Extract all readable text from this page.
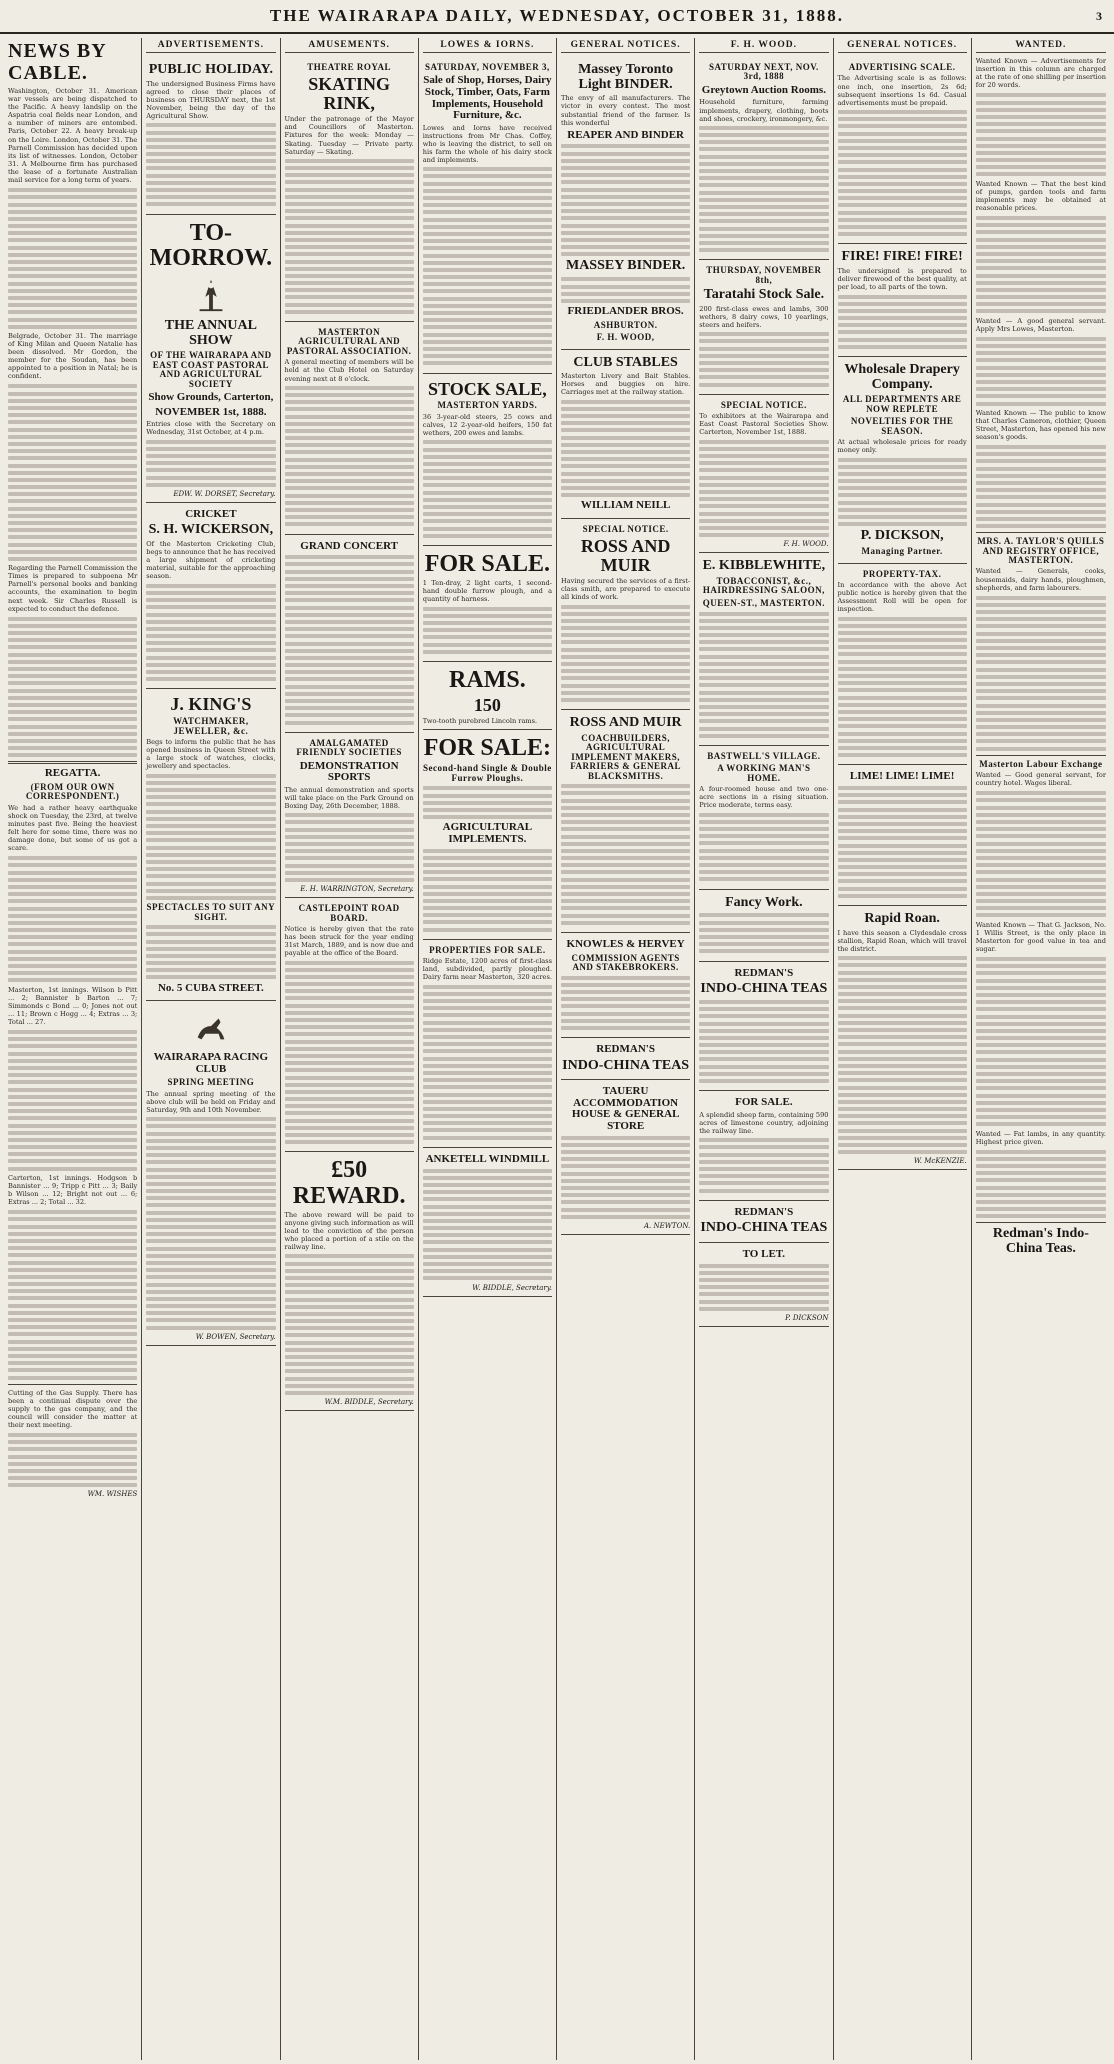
THE WAIRARAPA DAILY, WEDNESDAY, OCTOBER 31, 1888.	3
NEWS BY CABLE.
Washington, October 31. American war vessels are being dispatched to the Pacific. A heavy landslip on the Aspatria coal fields near London, and a number of miners are entombed. Paris, October 22. A heavy break-up on the Loire. London, October 31. The Parnell Commission has decided upon its list of witnesses. London, October 31. A Melbourne firm has purchased the lease of a fortunate Australian mail service for a long term of years.
Belgrade, October 31. The marriage of King Milan and Queen Natalie has been dissolved. Mr Gordon, the member for the Soudan, has been appointed to a position in Natal; he is confident.
Regarding the Parnell Commission the Times is prepared to subpoena Mr Parnell's personal books and banking accounts, the examination to begin next week. Sir Charles Russell is expected to conduct the defence.
REGATTA.
(FROM OUR OWN CORRESPONDENT.)
We had a rather heavy earthquake shock on Tuesday, the 23rd, at twelve minutes past five. Being the heaviest felt here for some time, there was no damage done, but some of us got a scare.
Masterton, 1st innings. Wilson b Pitt ... 2; Bannister b Barton ... 7; Simmonds c Bond ... 0; Jones not out ... 11; Brown c Hogg ... 4; Extras ... 3; Total ... 27.
Carterton, 1st innings. Hodgson b Bannister ... 9; Tripp c Pitt ... 3; Baily b Wilson ... 12; Bright not out ... 6; Extras ... 2; Total ... 32.
Cutting of the Gas Supply. There has been a continual dispute over the supply to the gas company, and the council will consider the matter at their next meeting.
WM. WISHES
ADVERTISEMENTS.
PUBLIC HOLIDAY.
The undersigned Business Firms have agreed to close their places of business on THURSDAY next, the 1st November, being the day of the Agricultural Show.
TO-MORROW.
THE ANNUAL SHOW
OF THE WAIRARAPA AND EAST COAST PASTORAL AND AGRICULTURAL SOCIETY
Show Grounds, Carterton,
NOVEMBER 1st, 1888.
Entries close with the Secretary on Wednesday, 31st October, at 4 p.m.
EDW. W. DORSET, Secretary.
CRICKET
S. H. WICKERSON,
Of the Masterton Cricketing Club, begs to announce that he has received a large shipment of cricketing material, suitable for the approaching season.
J. KING'S
WATCHMAKER, JEWELLER, &c.
Begs to inform the public that he has opened business in Queen Street with a large stock of watches, clocks, jewellery and spectacles.
SPECTACLES TO SUIT ANY SIGHT.
No. 5 CUBA STREET.
WAIRARAPA RACING CLUB
SPRING MEETING
The annual spring meeting of the above club will be held on Friday and Saturday, 9th and 10th November.
W. BOWEN, Secretary.
AMUSEMENTS.
THEATRE ROYAL
SKATING RINK,
Under the patronage of the Mayor and Councillors of Masterton. Fixtures for the week: Monday — Skating. Tuesday — Private party. Saturday — Skating.
MASTERTON AGRICULTURAL AND PASTORAL ASSOCIATION.
A general meeting of members will be held at the Club Hotel on Saturday evening next at 8 o'clock.
GRAND CONCERT
AMALGAMATED FRIENDLY SOCIETIES
DEMONSTRATION SPORTS
The annual demonstration and sports will take place on the Park Ground on Boxing Day, 26th December, 1888.
E. H. WARRINGTON, Secretary.
CASTLEPOINT ROAD BOARD.
Notice is hereby given that the rate has been struck for the year ending 31st March, 1889, and is now due and payable at the office of the Board.
£50 REWARD.
The above reward will be paid to anyone giving such information as will lead to the conviction of the person who placed a portion of a stile on the railway line.
W.M. BIDDLE, Secretary.
LOWES & IORNS.
SATURDAY, NOVEMBER 3,
Sale of Shop, Horses, Dairy Stock, Timber, Oats, Farm Implements, Household Furniture, &c.
Lowes and Iorns have received instructions from Mr Chas. Coffey, who is leaving the district, to sell on his farm the whole of his dairy stock and implements.
STOCK SALE,
MASTERTON YARDS.
36 3-year-old steers, 25 cows and calves, 12 2-year-old heifers, 150 fat wethers, 200 ewes and lambs.
FOR SALE.
1 Ten-dray, 2 light carts, 1 second-hand double furrow plough, and a quantity of harness.
RAMS.
150
Two-tooth purebred Lincoln rams.
FOR SALE:
Second-hand Single & Double Furrow Ploughs.
AGRICULTURAL IMPLEMENTS.
PROPERTIES FOR SALE.
Ridge Estate, 1200 acres of first-class land, subdivided, partly ploughed. Dairy farm near Masterton, 320 acres.
ANKETELL WINDMILL
W. BIDDLE, Secretary.
GENERAL NOTICES.
Massey Toronto Light BINDER.
The envy of all manufacturers. The victor in every contest. The most substantial friend of the farmer. Is this wonderful
REAPER AND BINDER
MASSEY BINDER.
FRIEDLANDER BROS.
ASHBURTON.
F. H. WOOD,
CLUB STABLES
Masterton Livery and Bait Stables. Horses and buggies on hire. Carriages met at the railway station.
WILLIAM NEILL
SPECIAL NOTICE.
ROSS AND MUIR
Having secured the services of a first-class smith, are prepared to execute all kinds of work.
ROSS AND MUIR
COACHBUILDERS, AGRICULTURAL IMPLEMENT MAKERS, FARRIERS & GENERAL BLACKSMITHS.
KNOWLES & HERVEY
COMMISSION AGENTS AND STAKEBROKERS.
REDMAN'S
INDO-CHINA TEAS
TAUERU ACCOMMODATION HOUSE & GENERAL STORE
A. NEWTON.
F. H. WOOD.
SATURDAY NEXT, NOV. 3rd, 1888
Greytown Auction Rooms.
Household furniture, farming implements, drapery, clothing, boots and shoes, crockery, ironmongery, &c.
THURSDAY, NOVEMBER 8th,
Taratahi Stock Sale.
200 first-class ewes and lambs, 300 wethers, 8 dairy cows, 10 yearlings, steers and heifers.
SPECIAL NOTICE.
To exhibitors at the Wairarapa and East Coast Pastoral Societies Show. Carterton, November 1st, 1888.
F. H. WOOD.
E. KIBBLEWHITE,
TOBACCONIST, &c., HAIRDRESSING SALOON,
QUEEN-ST., MASTERTON.
BASTWELL'S VILLAGE.
A WORKING MAN'S HOME.
A four-roomed house and two one-acre sections in a rising situation. Price moderate, terms easy.
Fancy Work.
REDMAN'S
INDO-CHINA TEAS
FOR SALE.
A splendid sheep farm, containing 590 acres of limestone country, adjoining the railway line.
REDMAN'S
INDO-CHINA TEAS
TO LET.
P. DICKSON
GENERAL NOTICES.
ADVERTISING SCALE.
The Advertising scale is as follows: one inch, one insertion, 2s 6d; subsequent insertions 1s 6d. Casual advertisements must be prepaid.
FIRE! FIRE! FIRE!
The undersigned is prepared to deliver firewood of the best quality, at per load, to all parts of the town.
Wholesale Drapery Company.
ALL DEPARTMENTS ARE NOW REPLETE
NOVELTIES FOR THE SEASON.
At actual wholesale prices for ready money only.
P. DICKSON,
Managing Partner.
PROPERTY-TAX.
In accordance with the above Act public notice is hereby given that the Assessment Roll will be open for inspection.
LIME! LIME! LIME!
Rapid Roan.
I have this season a Clydesdale cross stallion, Rapid Roan, which will travel the district.
W. McKENZIE.
WANTED.
Wanted Known — Advertisements for insertion in this column are charged at the rate of one shilling per insertion for 20 words.
Wanted Known — That the best kind of pumps, garden tools and farm implements may be obtained at reasonable prices.
Wanted — A good general servant. Apply Mrs Lowes, Masterton.
Wanted Known — The public to know that Charles Cameron, clothier, Queen Street, Masterton, has opened his new season's goods.
MRS. A. TAYLOR'S QUILLS AND REGISTRY OFFICE, MASTERTON.
Wanted — Generals, cooks, housemaids, dairy hands, ploughmen, shepherds, and farm labourers.
Masterton Labour Exchange
Wanted — Good general servant, for country hotel. Wages liberal.
Wanted Known — That G. Jackson, No. 1 Willis Street, is the only place in Masterton for good value in tea and sugar.
Wanted — Fat lambs, in any quantity. Highest price given.
Redman's Indo-China Teas.
